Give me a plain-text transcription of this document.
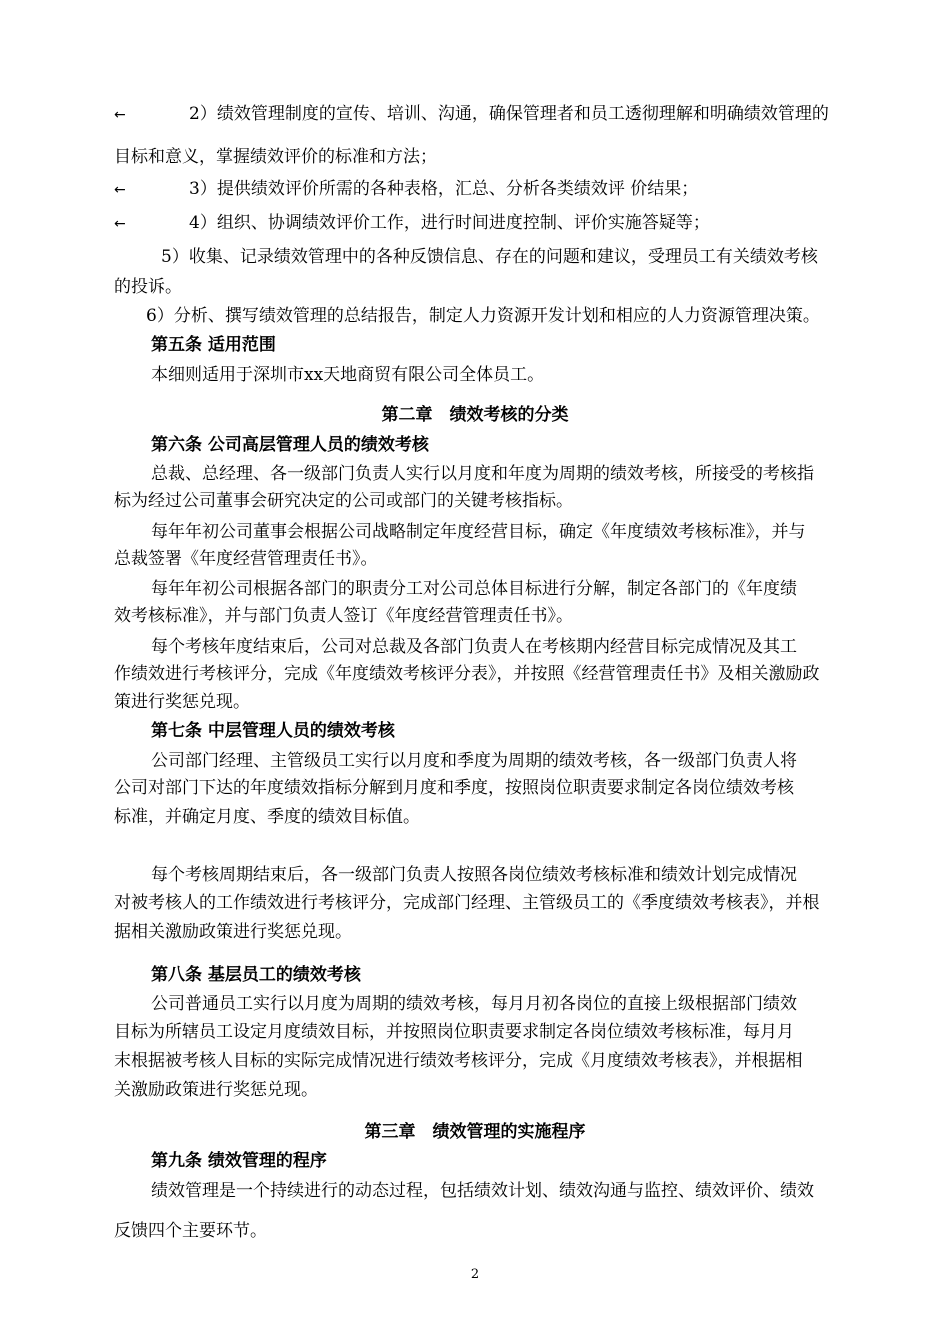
←	2）绩效管理制度的宣传、培训、沟通，确保管理者和员工透彻理解和明确绩效管理的
目标和意义，掌握绩效评价的标准和方法；
←	3）提供绩效评价所需的各种表格，汇总、分析各类绩效评 价结果；
←	4）组织、协调绩效评价工作，进行时间进度控制、评价实施答疑等；
5）收集、记录绩效管理中的各种反馈信息、存在的问题和建议，受理员工有关绩效考核
的投诉。
6）分析、撰写绩效管理的总结报告，制定人力资源开发计划和相应的人力资源管理决策。
第五条 适用范围
本细则适用于深圳市xx天地商贸有限公司全体员工。
第二章　绩效考核的分类
第六条 公司高层管理人员的绩效考核
总裁、总经理、各一级部门负责人实行以月度和年度为周期的绩效考核，所接受的考核指
标为经过公司董事会研究决定的公司或部门的关键考核指标。
每年年初公司董事会根据公司战略制定年度经营目标，确定《年度绩效考核标准》，并与
总裁签署《年度经营管理责任书》。
每年年初公司根据各部门的职责分工对公司总体目标进行分解，制定各部门的《年度绩
效考核标准》，并与部门负责人签订《年度经营管理责任书》。
每个考核年度结束后，公司对总裁及各部门负责人在考核期内经营目标完成情况及其工
作绩效进行考核评分，完成《年度绩效考核评分表》，并按照《经营管理责任书》及相关激励政
策进行奖惩兑现。
第七条 中层管理人员的绩效考核
公司部门经理、主管级员工实行以月度和季度为周期的绩效考核，各一级部门负责人将
公司对部门下达的年度绩效指标分解到月度和季度，按照岗位职责要求制定各岗位绩效考核
标准，并确定月度、季度的绩效目标值。
每个考核周期结束后，各一级部门负责人按照各岗位绩效考核标准和绩效计划完成情况
对被考核人的工作绩效进行考核评分，完成部门经理、主管级员工的《季度绩效考核表》，并根
据相关激励政策进行奖惩兑现。
第八条 基层员工的绩效考核
公司普通员工实行以月度为周期的绩效考核，每月月初各岗位的直接上级根据部门绩效
目标为所辖员工设定月度绩效目标，并按照岗位职责要求制定各岗位绩效考核标准，每月月
末根据被考核人目标的实际完成情况进行绩效考核评分，完成《月度绩效考核表》，并根据相
关激励政策进行奖惩兑现。
第三章　绩效管理的实施程序
第九条 绩效管理的程序
绩效管理是一个持续进行的动态过程，包括绩效计划、绩效沟通与监控、绩效评价、绩效
反馈四个主要环节。
2
